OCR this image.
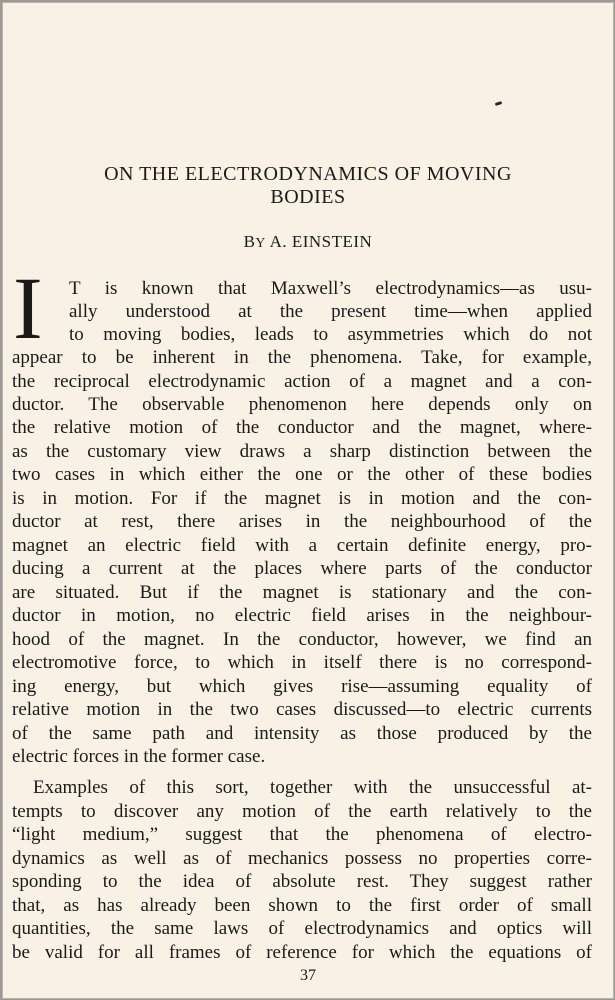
ON THE ELECTRODYNAMICS OF MOVING
BODIES
BY A. EINSTEIN
I T is known that Maxwell’s electrodynamics—as usu-
ally understood at the present time—when applied
to moving bodies, leads to asymmetries which do not
appear to be inherent in the phenomena. Take, for example,
the reciprocal electrodynamic action of a magnet and a con-
ductor. The observable phenomenon here depends only on
the relative motion of the conductor and the magnet, where-
as the customary view draws a sharp distinction between the
two cases in which either the one or the other of these bodies
is in motion. For if the magnet is in motion and the con-
ductor at rest, there arises in the neighbourhood of the
magnet an electric field with a certain definite energy, pro-
ducing a current at the places where parts of the conductor
are situated. But if the magnet is stationary and the con-
ductor in motion, no electric field arises in the neighbour-
hood of the magnet. In the conductor, however, we find an
electromotive force, to which in itself there is no correspond-
ing energy, but which gives rise—assuming equality of
relative motion in the two cases discussed—to electric currents
of the same path and intensity as those produced by the
electric forces in the former case.
Examples of this sort, together with the unsuccessful at-
tempts to discover any motion of the earth relatively to the
“light medium,” suggest that the phenomena of electro-
dynamics as well as of mechanics possess no properties corre-
sponding to the idea of absolute rest. They suggest rather
that, as has already been shown to the first order of small
quantities, the same laws of electrodynamics and optics will
be valid for all frames of reference for which the equations of
37
